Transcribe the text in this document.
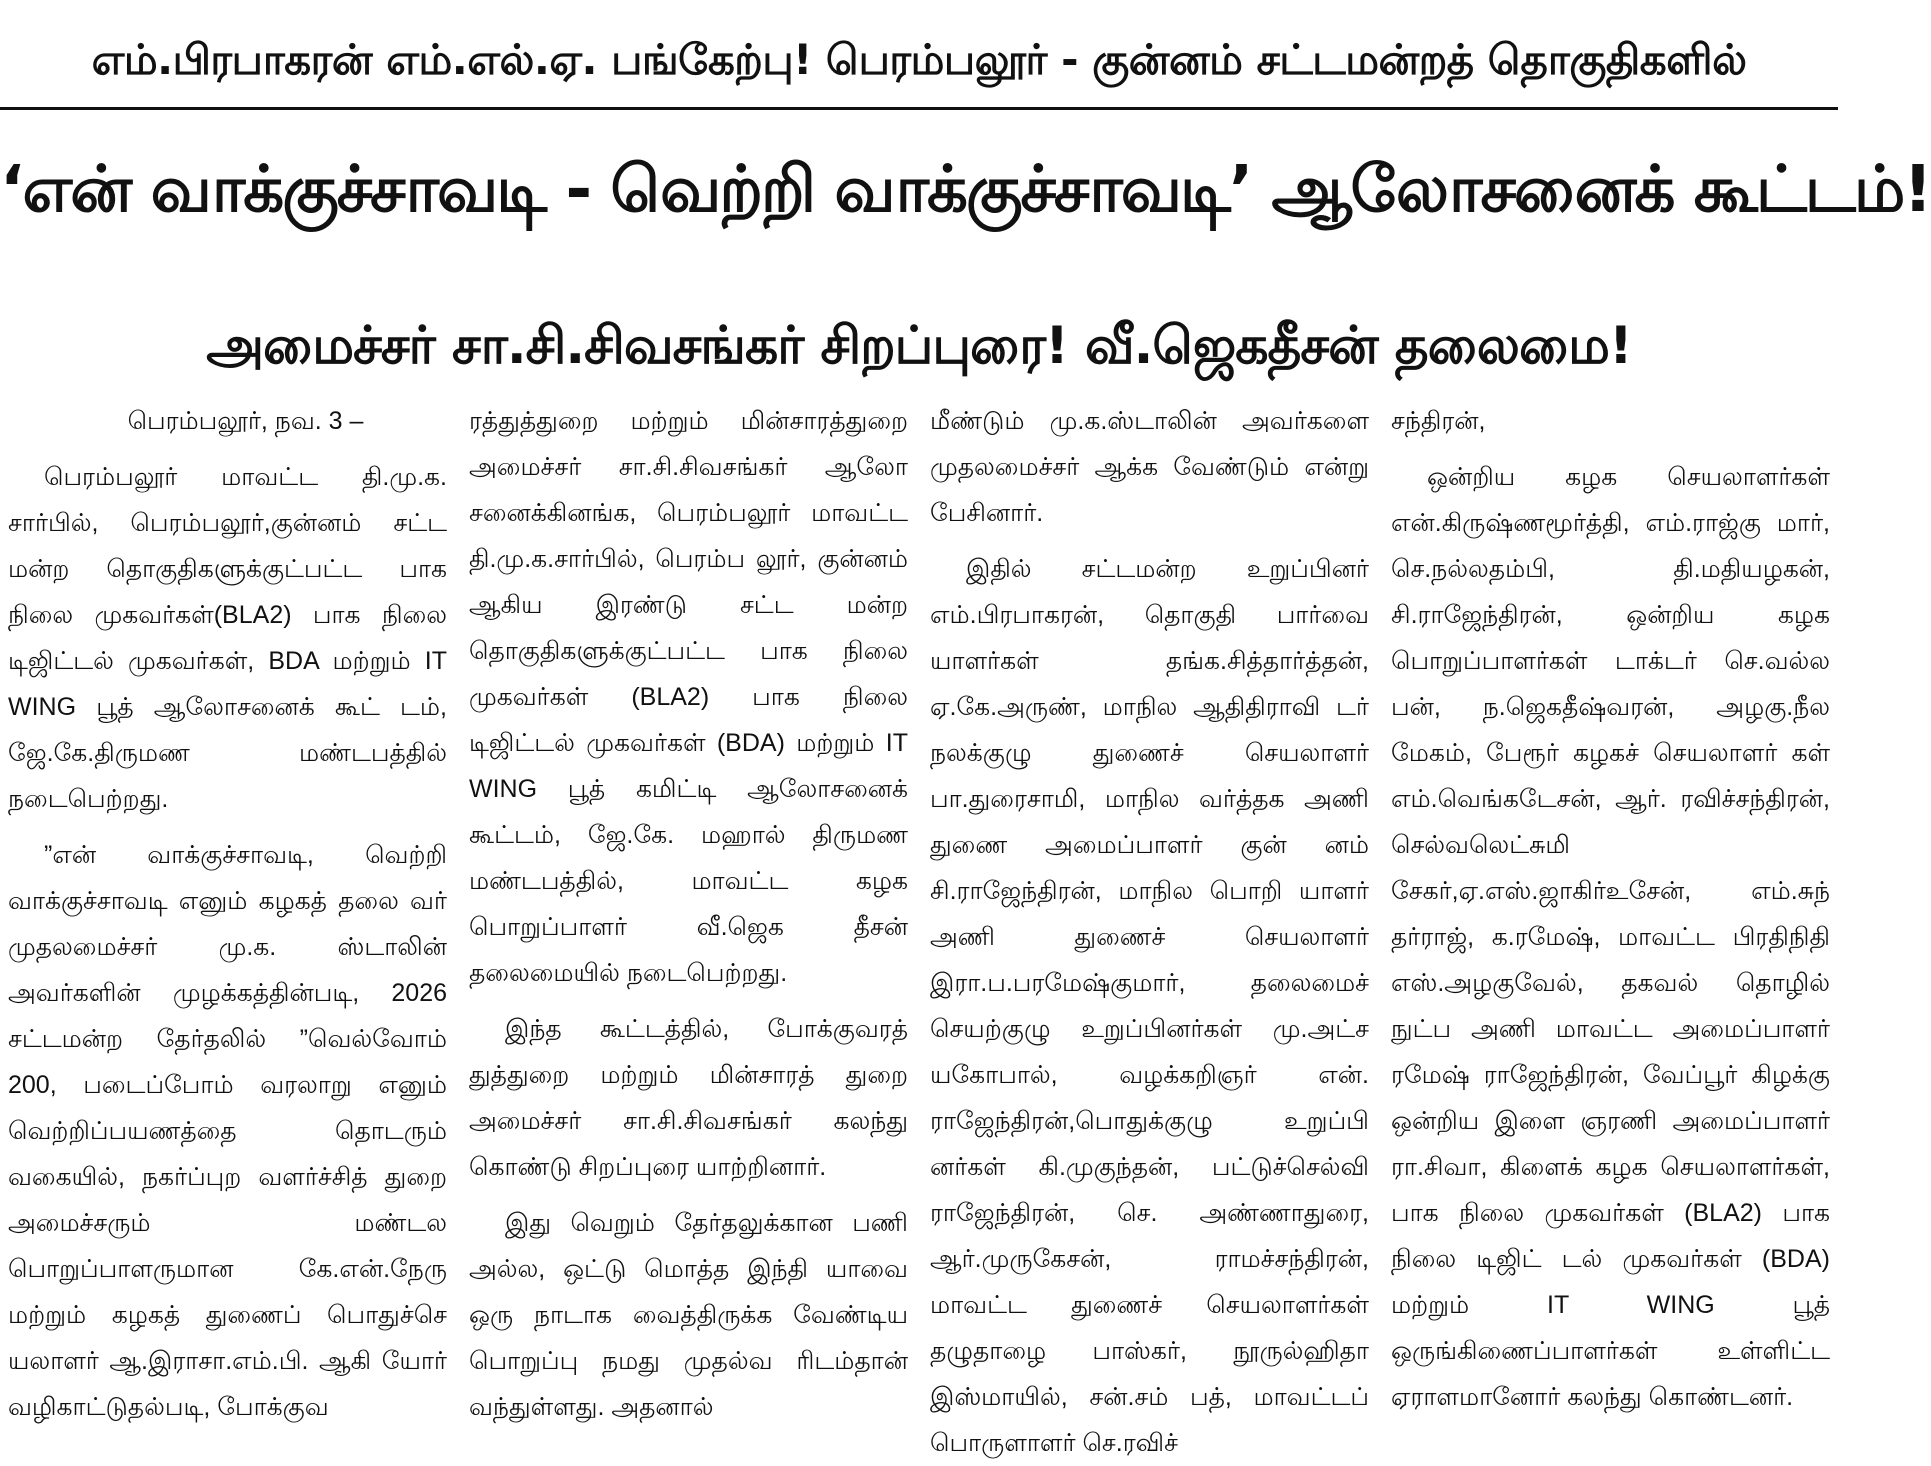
எம்.பிரபாகரன் எம்.எல்.ஏ. பங்கேற்பு! பெரம்பலூர் - குன்னம் சட்டமன்றத் தொகுதிகளில்
‘என் வாக்குச்சாவடி - வெற்றி வாக்குச்சாவடி’ ஆலோசனைக் கூட்டம்!
அமைச்சர் சா.சி.சிவசங்கர் சிறப்புரை! வீ.ஜெகதீசன் தலைமை!

பெரம்பலூர், நவ. 3 –

பெரம்பலூர் மாவட்ட தி.மு.க. சார்பில், பெரம்பலூர்,குன்னம் சட்ட மன்ற தொகுதிகளுக்குட்பட்ட பாக நிலை முகவர்கள்(BLA2) பாக நிலை டிஜிட்டல் முகவர்கள், BDA மற்றும் IT WING பூத் ஆலோசனைக் கூட் டம், ஜே.கே.திருமண மண்டபத்தில் நடைபெற்றது.

”என் வாக்குச்சாவடி, வெற்றி வாக்குச்சாவடி எனும் கழகத் தலை வர் முதலமைச்சர் மு.க. ஸ்டாலின் அவர்களின் முழக்கத்தின்படி, 2026 சட்டமன்ற தேர்தலில் ”வெல்வோம் 200, படைப்போம் வரலாறு எனும் வெற்றிப்பயணத்தை தொடரும் வகையில், நகர்ப்புற வளர்ச்சித் துறை அமைச்சரும் மண்டல பொறுப்பாளருமான கே.என்.நேரு மற்றும் கழகத் துணைப் பொதுச்செ யலாளர் ஆ.இராசா.எம்.பி. ஆகி யோர் வழிகாட்டுதல்படி, போக்குவ

ரத்துத்துறை மற்றும் மின்சாரத்துறை அமைச்சர் சா.சி.சிவசங்கர் ஆலோ சனைக்கினங்க, பெரம்பலூர் மாவட்ட தி.மு.க.சார்பில், பெரம்ப லூர், குன்னம் ஆகிய இரண்டு சட்ட மன்ற தொகுதிகளுக்குட்பட்ட பாக நிலை முகவர்கள் (BLA2) பாக நிலை டிஜிட்டல் முகவர்கள் (BDA) மற்றும் IT WING பூத் கமிட்டி ஆலோசனைக் கூட்டம், ஜே.கே. மஹால் திருமண மண்டபத்தில், மாவட்ட கழக பொறுப்பாளர் வீ.ஜெக தீசன் தலைமையில் நடைபெற்றது.

இந்த கூட்டத்தில், போக்குவரத் துத்துறை மற்றும் மின்சாரத் துறை அமைச்சர் சா.சி.சிவசங்கர் கலந்து கொண்டு சிறப்புரை யாற்றினார்.

இது வெறும் தேர்தலுக்கான பணி அல்ல, ஒட்டு மொத்த இந்தி யாவை ஒரு நாடாக வைத்திருக்க வேண்டிய பொறுப்பு நமது முதல்வ ரிடம்தான் வந்துள்ளது. அதனால்

மீண்டும் மு.க.ஸ்டாலின் அவர்களை முதலமைச்சர் ஆக்க வேண்டும் என்று பேசினார்.

இதில் சட்டமன்ற உறுப்பினர் எம்.பிரபாகரன், தொகுதி பார்வை யாளர்கள் தங்க.சித்தார்த்தன், ஏ.கே.அருண், மாநில ஆதிதிராவி டர் நலக்குழு துணைச் செயலாளர் பா.துரைசாமி, மாநில வர்த்தக அணி துணை அமைப்பாளர் குன் னம் சி.ராஜேந்திரன், மாநில பொறி யாளர் அணி துணைச் செயலாளர் இரா.ப.பரமேஷ்குமார், தலைமைச் செயற்குழு உறுப்பினர்கள் மு.அட்ச யகோபால், வழக்கறிஞர் என். ராஜேந்திரன்,பொதுக்குழு உறுப்பி னர்கள் கி.முகுந்தன், பட்டுச்செல்வி ராஜேந்திரன், செ. அண்ணாதுரை, ஆர்.முருகேசன், ராமச்சந்திரன், மாவட்ட துணைச் செயலாளர்கள் தழுதாழை பாஸ்கர், நூருல்ஹிதா இஸ்மாயில், சன்.சம் பத், மாவட்டப் பொருளாளர் செ.ரவிச்

சந்திரன்,

ஒன்றிய கழக செயலாளர்கள் என்.கிருஷ்ணமூர்த்தி, எம்.ராஜ்கு மார், செ.நல்லதம்பி, தி.மதியழகன், சி.ராஜேந்திரன், ஒன்றிய கழக பொறுப்பாளர்கள் டாக்டர் செ.வல்ல பன், ந.ஜெகதீஷ்வரன், அழகு.நீல மேகம், பேரூர் கழகச் செயலாளர் கள் எம்.வெங்கடேசன், ஆர். ரவிச்சந்திரன், செல்வலெட்சுமி சேகர்,ஏ.எஸ்.ஜாகிர்உசேன், எம்.சுந் தர்ராஜ், க.ரமேஷ், மாவட்ட பிரதிநிதி எஸ்.அழகுவேல், தகவல் தொழில் நுட்ப அணி மாவட்ட அமைப்பாளர் ரமேஷ் ராஜேந்திரன், வேப்பூர் கிழக்கு ஒன்றிய இளை ஞரணி அமைப்பாளர் ரா.சிவா, கிளைக் கழக செயலாளர்கள், பாக நிலை முகவர்கள் (BLA2) பாக நிலை டிஜிட் டல் முகவர்கள் (BDA) மற்றும் IT WING பூத் ஒருங்கிணைப்பாளர்கள் உள்ளிட்ட ஏராளமானோர் கலந்து கொண்டனர்.
